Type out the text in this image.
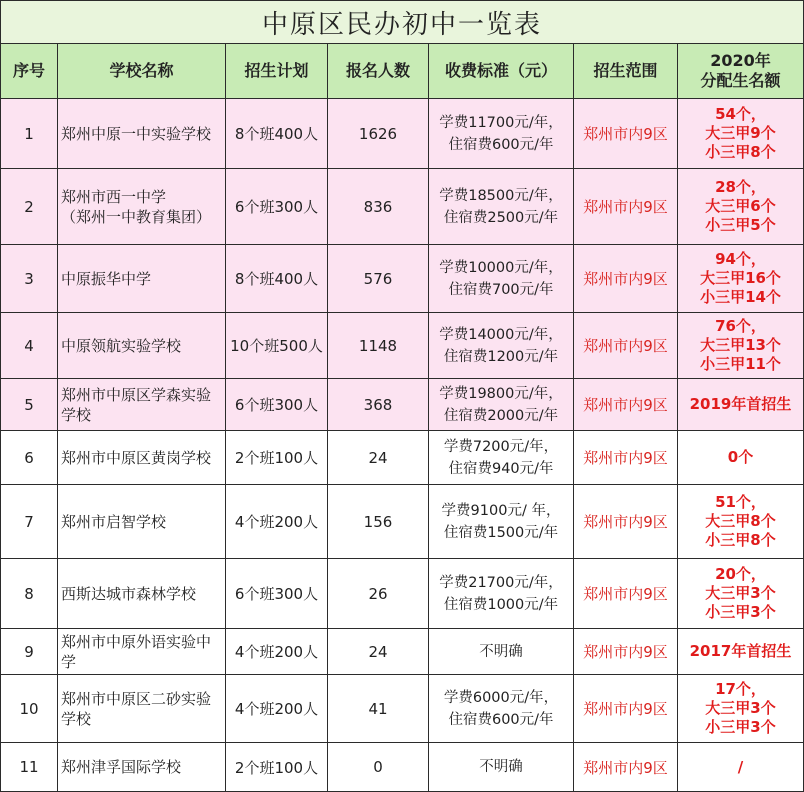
中原区民办初中一览表						
序号	学校名称	招生计划	报名人数	收费标准（元）	招生范围	2020年
分配生名额

1	郑州中原一中实验学校	8个班400人	1626	学费11700元/年，
住宿费600元/年	郑州市内9区	54个，
大三甲9个
小三甲8个

2	郑州市西一中学
（郑州一中教育集团）	6个班300人	836	学费18500元/年，
住宿费2500元/年	郑州市内9区	28个，
大三甲6个
小三甲5个

3	中原振华中学	8个班400人	576	学费10000元/年，
住宿费700元/年	郑州市内9区	94个，
大三甲16个
小三甲14个

4	中原领航实验学校	10个班500人	1148	学费14000元/年，
住宿费1200元/年	郑州市内9区	76个，
大三甲13个
小三甲11个

5	郑州市中原区学森实验
学校	6个班300人	368	学费19800元/年，
住宿费2000元/年	郑州市内9区	2019年首招生

6	郑州市中原区黄岗学校	2个班100人	24	学费7200元/年，
住宿费940元/年	郑州市内9区	0个

7	郑州市启智学校	4个班200人	156	学费9100元/ 年，
住宿费1500元/年	郑州市内9区	51个，
大三甲8个
小三甲8个

8	西斯达城市森林学校	6个班300人	26	学费21700元/年，
住宿费1000元/年	郑州市内9区	20个，
大三甲3个
小三甲3个

9	郑州市中原外语实验中
学	4个班200人	24	不明确	郑州市内9区	2017年首招生

10	郑州市中原区二砂实验
学校	4个班200人	41	学费6000元/年，
住宿费600元/年	郑州市内9区	17个，
大三甲3个
小三甲3个

11	郑州津孚国际学校	2个班100人	0	不明确	郑州市内9区	/
